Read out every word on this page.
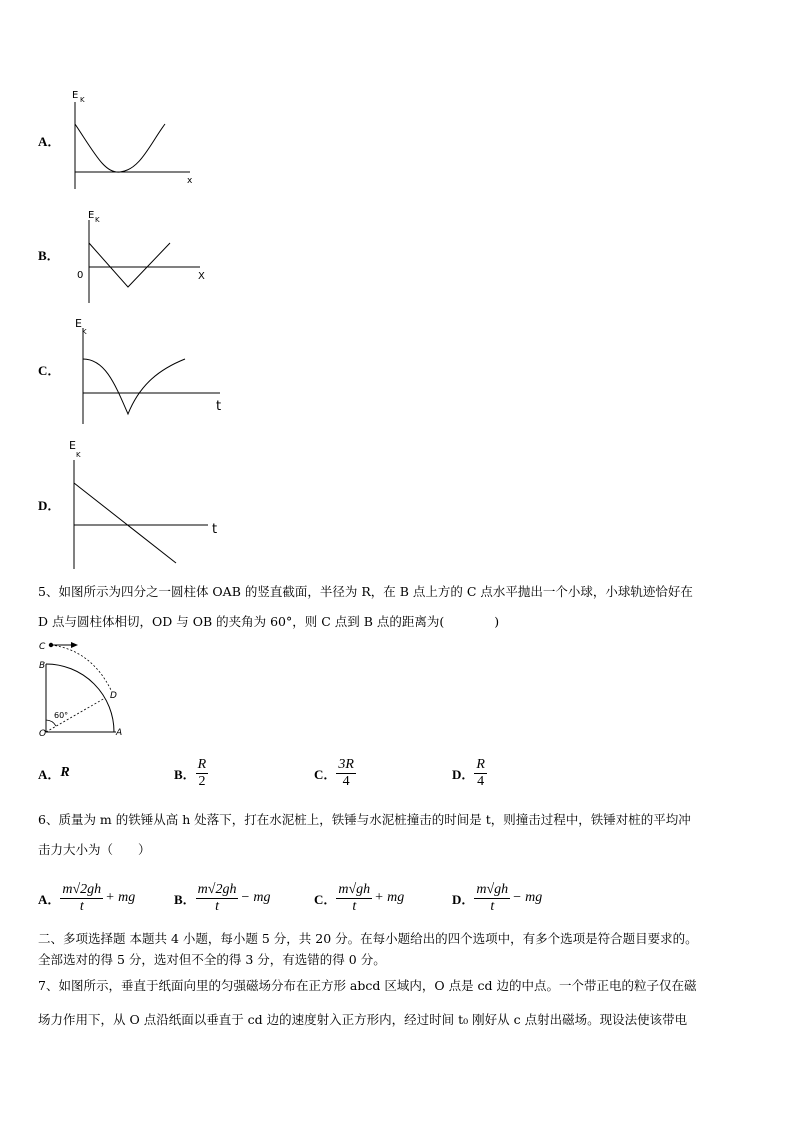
A．
E K
x
B．
E K
0	X
C．
E
K
t
D．
E
K
t
5、如图所示为四分之一圆柱体 OAB 的竖直截面，半径为 R，在 B 点上方的 C 点水平抛出一个小球，小球轨迹恰好在
D 点与圆柱体相切，OD 与 OB 的夹角为 60°，则 C 点到 B 点的距离为(　　　　)
C
B
D
O	A
60°
A． R	B． $\frac{R}{2}$	C． $\frac{3R}{4}$	D． $\frac{R}{4}$
6、质量为 m 的铁锤从高 h 处落下，打在水泥桩上，铁锤与水泥桩撞击的时间是 t，则撞击过程中，铁锤对桩的平均冲
击力大小为（　　）
A． $\frac{m√2gh}{t}$ + mg	B． $\frac{m√2gh}{t}$ − mg	C． $\frac{m√gh}{t}$ + mg	D． $\frac{m√gh}{t}$ − mg
二、多项选择题 本题共 4 小题，每小题 5 分，共 20 分。在每小题给出的四个选项中，有多个选项是符合题目要求的。
全部选对的得 5 分，选对但不全的得 3 分，有选错的得 0 分。
7、如图所示，垂直于纸面向里的匀强磁场分布在正方形 abcd 区域内，O 点是 cd 边的中点。一个带正电的粒子仅在磁
场力作用下，从 O 点沿纸面以垂直于 cd 边的速度射入正方形内，经过时间 t₀ 刚好从 c 点射出磁场。现设法使该带电
